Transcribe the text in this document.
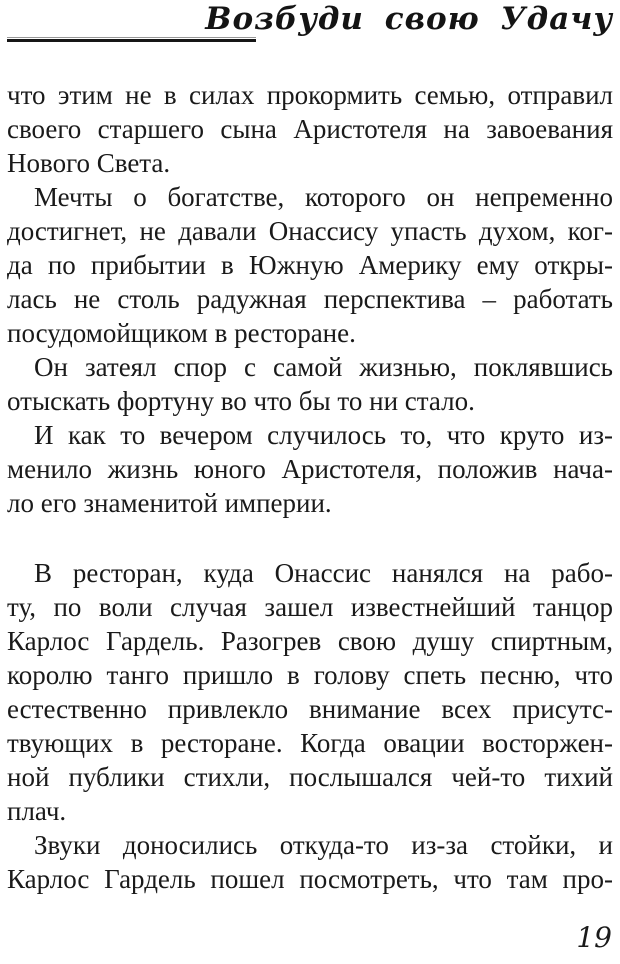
Возбуди свою Удачу
что этим не в силах прокормить семью, отправил
своего старшего сына Аристотеля на завоевания
Нового Света.
Мечты о богатстве, которого он непременно
достигнет, не давали Онассису упасть духом, ког-
да по прибытии в Южную Америку ему откры-
лась не столь радужная перспектива – работать
посудомойщиком в ресторане.
Он затеял спор с самой жизнью, поклявшись
отыскать фортуну во что бы то ни стало.
И как то вечером случилось то, что круто из-
менило жизнь юного Аристотеля, положив нача-
ло его знаменитой империи.
В ресторан, куда Онассис нанялся на рабо-
ту, по воли случая зашел известнейший танцор
Карлос Гардель. Разогрев свою душу спиртным,
королю танго пришло в голову спеть песню, что
естественно привлекло внимание всех присутс-
твующих в ресторане. Когда овации восторжен-
ной публики стихли, послышался чей-то тихий
плач.
Звуки доносились откуда-то из-за стойки, и
Карлос Гардель пошел посмотреть, что там про-
19
